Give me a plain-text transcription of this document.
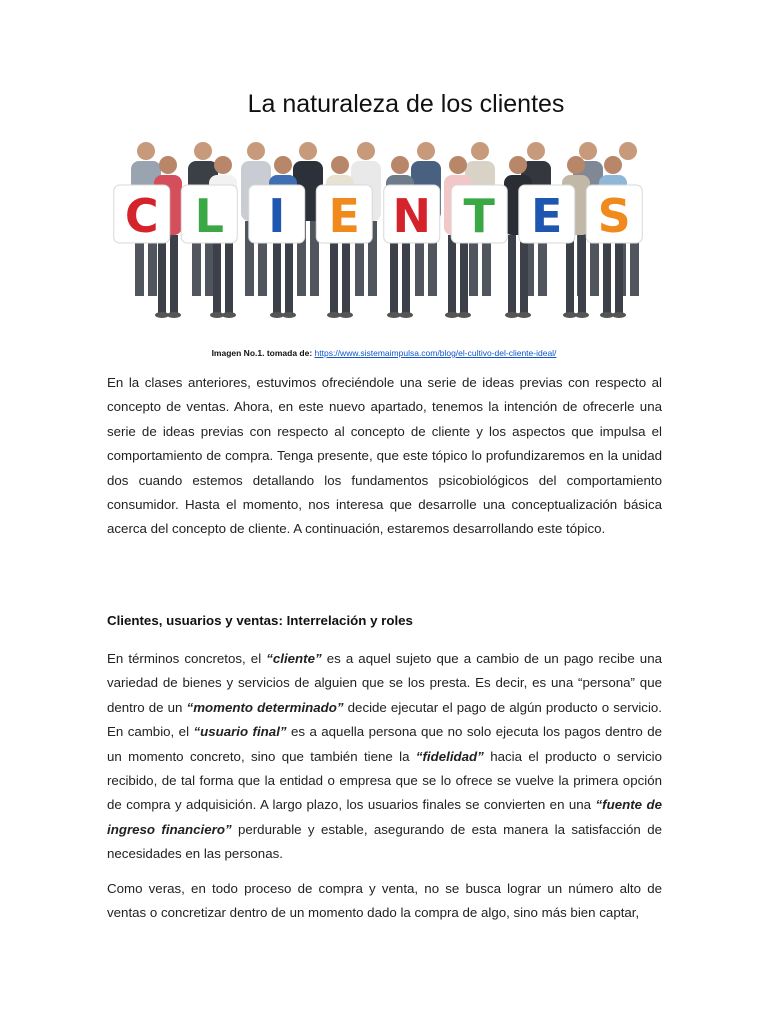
La naturaleza de los clientes
C L I E N T E S
Imagen No.1. tomada de: https://www.sistemaimpulsa.com/blog/el-cultivo-del-cliente-ideal/

En la clases anteriores, estuvimos ofreciéndole una serie de ideas previas con respecto al concepto de ventas. Ahora, en este nuevo apartado, tenemos la intención de ofrecerle una serie de ideas previas con respecto al concepto de cliente y los aspectos que impulsa el comportamiento de compra. Tenga presente, que este tópico lo profundizaremos en la unidad dos cuando estemos detallando los fundamentos psicobiológicos del comportamiento consumidor. Hasta el momento, nos interesa que desarrolle una conceptualización básica acerca del concepto de cliente. A continuación, estaremos desarrollando este tópico.

Clientes, usuarios y ventas: Interrelación y roles

En términos concretos, el “cliente” es a aquel sujeto que a cambio de un pago recibe una variedad de bienes y servicios de alguien que se los presta. Es decir, es una “persona” que dentro de un “momento determinado” decide ejecutar el pago de algún producto o servicio. En cambio, el “usuario final” es a aquella persona que no solo ejecuta los pagos dentro de un momento concreto, sino que también tiene la “fidelidad” hacia el producto o servicio recibido, de tal forma que la entidad o empresa que se lo ofrece se vuelve la primera opción de compra y adquisición. A largo plazo, los usuarios finales se convierten en una “fuente de ingreso financiero” perdurable y estable, asegurando de esta manera la satisfacción de necesidades en las personas.

Como veras, en todo proceso de compra y venta, no se busca lograr un número alto de ventas o concretizar dentro de un momento dado la compra de algo, sino más bien captar,
